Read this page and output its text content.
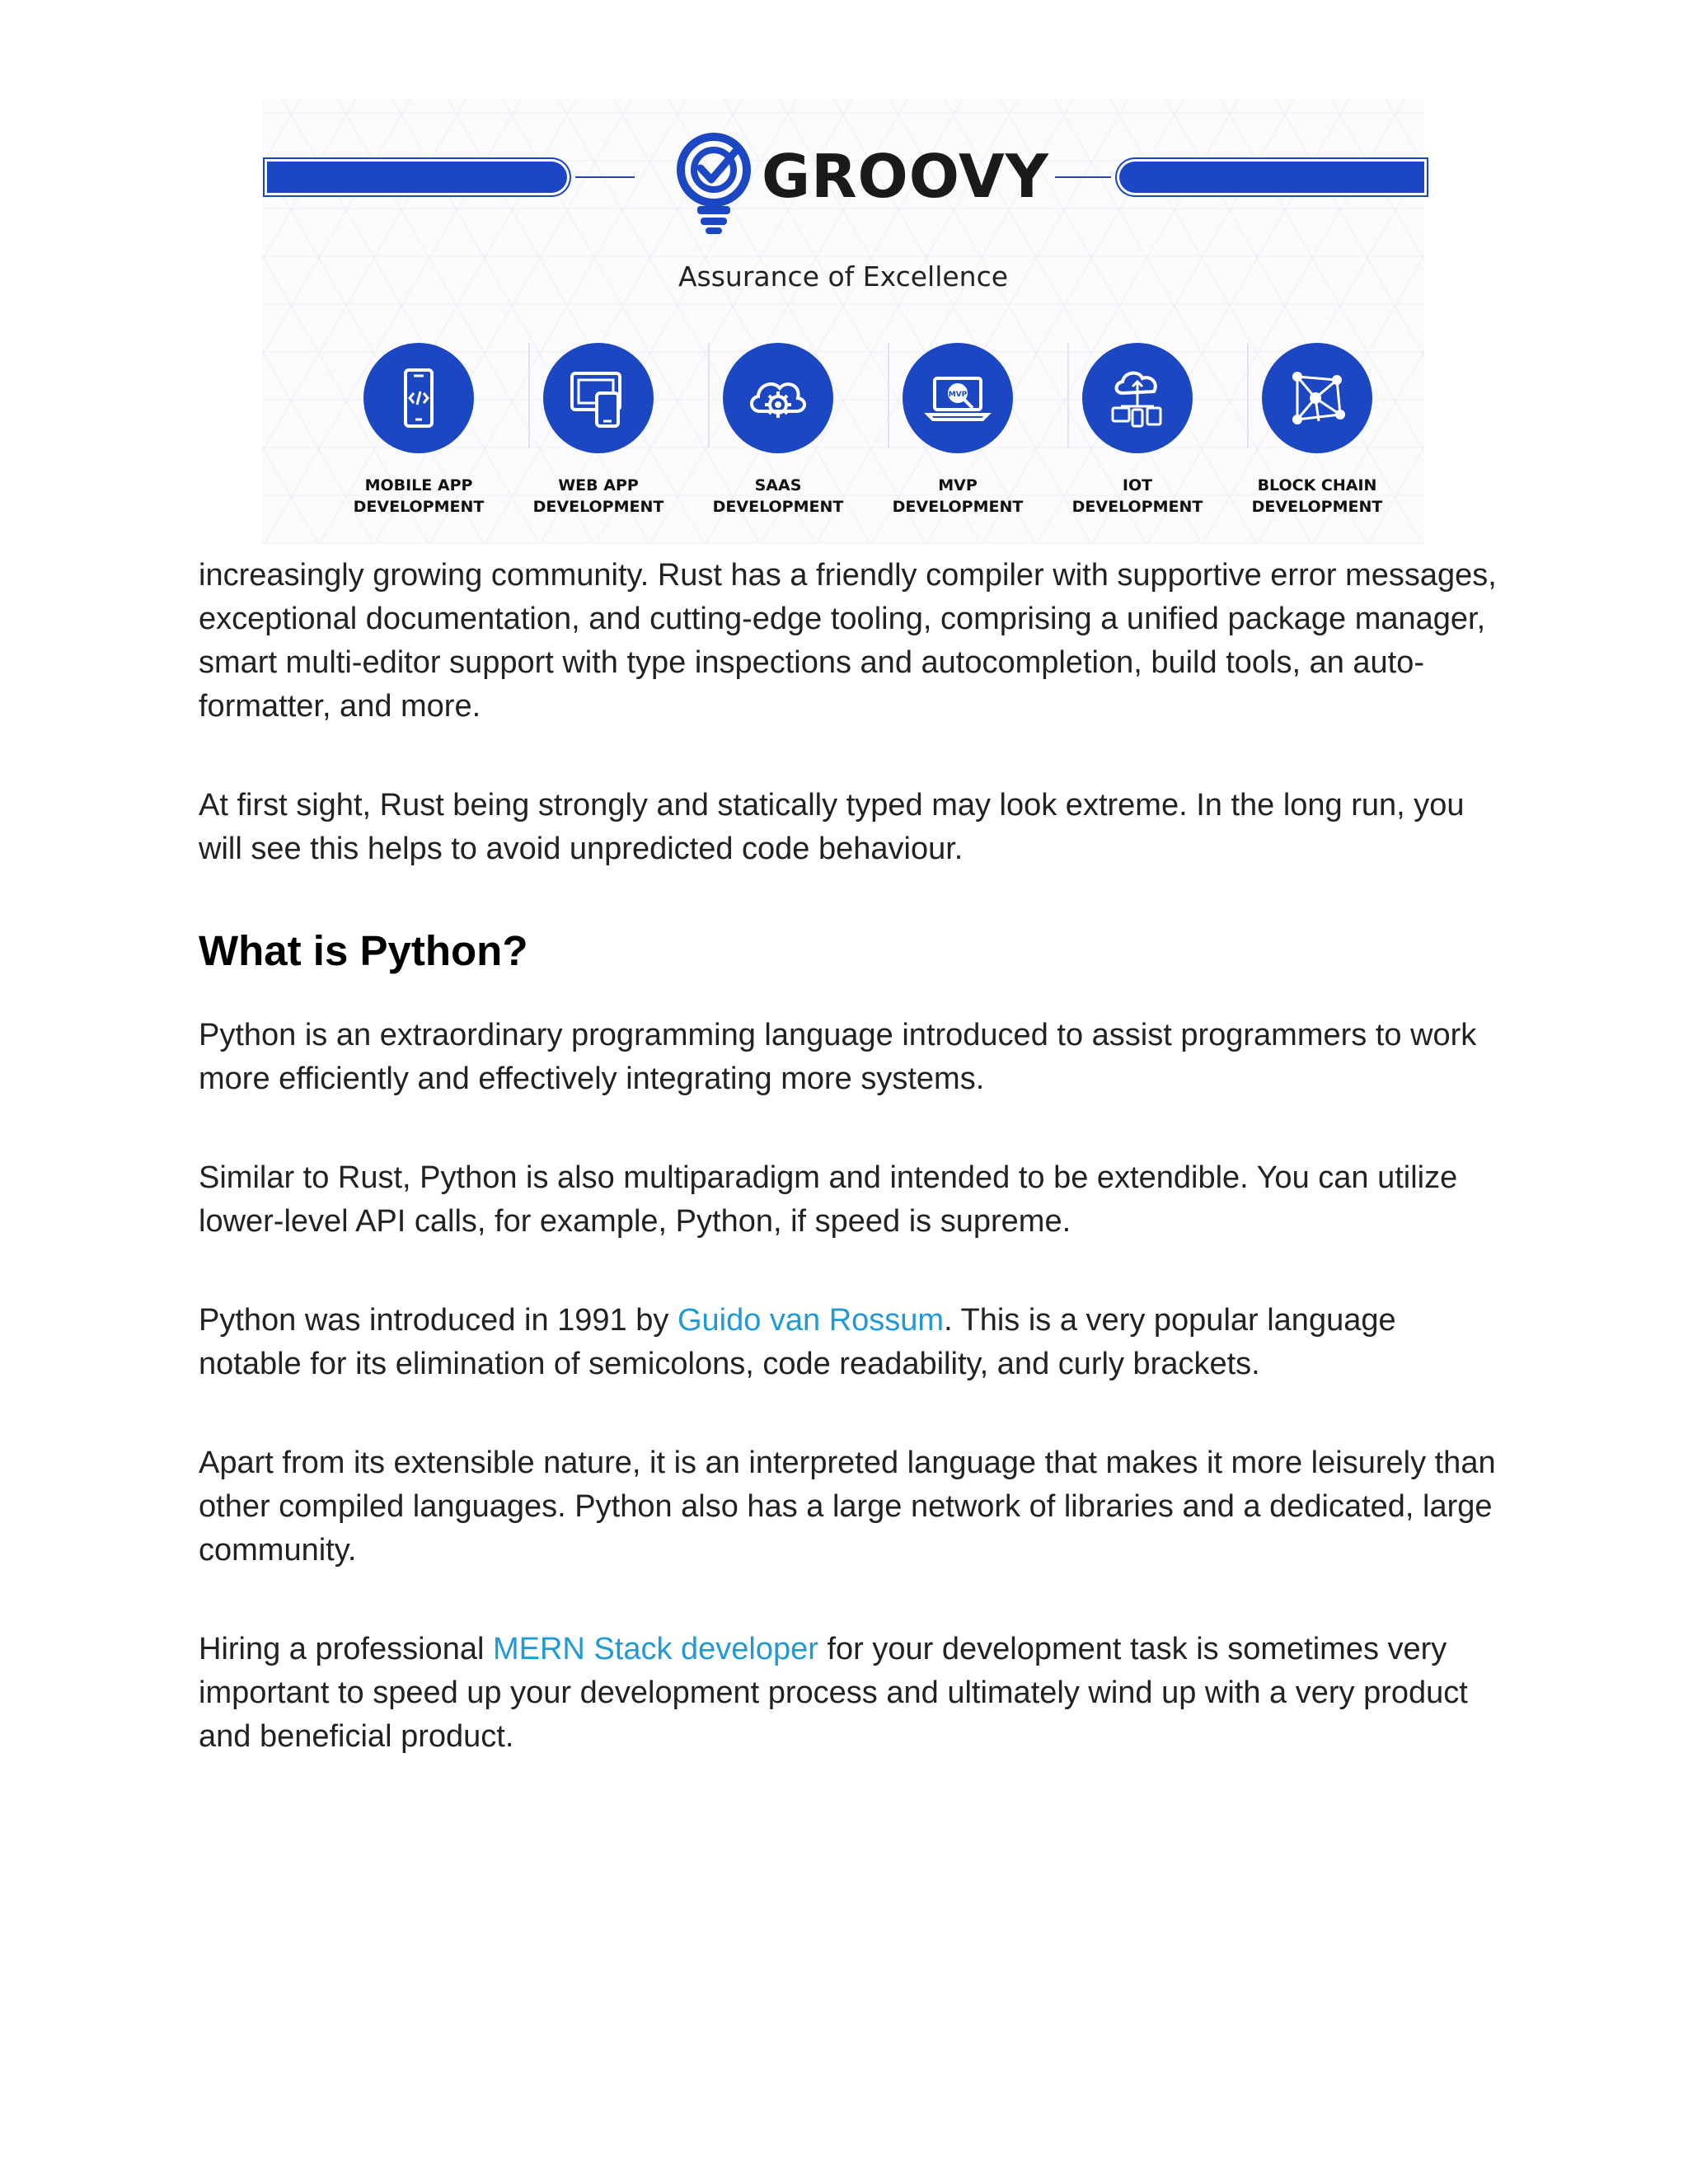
GROOVY
Assurance of Excellence
MOBILE APP
DEVELOPMENT
WEB APP
DEVELOPMENT
SAAS
DEVELOPMENT
MVP
MVP
DEVELOPMENT
IOT
DEVELOPMENT
BLOCK CHAIN
DEVELOPMENT

increasingly growing community. Rust has a friendly compiler with supportive error messages, exceptional documentation, and cutting-edge tooling, comprising a unified package manager, smart multi-editor support with type inspections and autocompletion, build tools, an auto-formatter, and more.

At first sight, Rust being strongly and statically typed may look extreme. In the long run, you will see this helps to avoid unpredicted code behaviour.

What is Python?

Python is an extraordinary programming language introduced to assist programmers to work more efficiently and effectively integrating more systems.

Similar to Rust, Python is also multiparadigm and intended to be extendible. You can utilize lower-level API calls, for example, Python, if speed is supreme.

Python was introduced in 1991 by Guido van Rossum. This is a very popular language notable for its elimination of semicolons, code readability, and curly brackets.

Apart from its extensible nature, it is an interpreted language that makes it more leisurely than other compiled languages. Python also has a large network of libraries and a dedicated, large community.

Hiring a professional MERN Stack developer for your development task is sometimes very important to speed up your development process and ultimately wind up with a very product and beneficial product.
